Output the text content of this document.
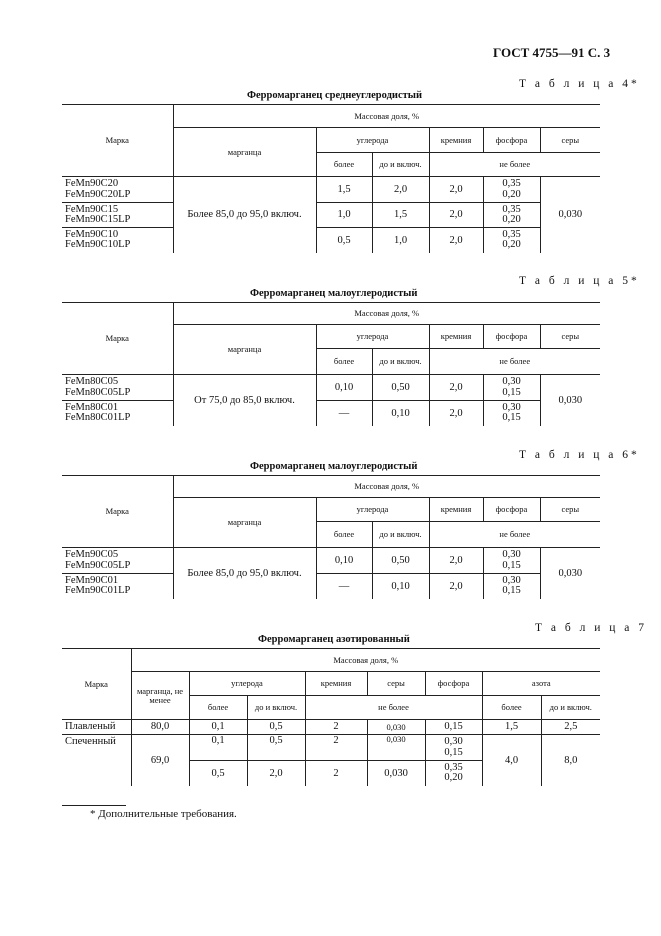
ГОСТ 4755—91 С. 3
Т а б л и ц а 4*
Ферромарганец среднеуглеродистый
Марка	Массовая доля, %					
	марганца	углерода		кремния	фосфора	серы
		более	до и включ.	не более		

FeMn90C20
FeMn90C20LP	Более 85,0 до 95,0 включ.	1,5	2,0	2,0	0,35
0,20	0,030

FeMn90C15
FeMn90C15LP		1,0	1,5	2,0	0,35
0,20	

FeMn90C10
FeMn90C10LP		0,5	1,0	2,0	0,35
0,20	
Т а б л и ц а 5*
Ферромарганец малоуглеродистый
Марка	Массовая доля, %					
	марганца	углерода		кремния	фосфора	серы
		более	до и включ.	не более		

FeMn80C05
FeMn80C05LP	От 75,0 до 85,0 включ.	0,10	0,50	2,0	0,30
0,15	0,030

FeMn80C01
FeMn80C01LP		—	0,10	2,0	0,30
0,15	
Т а б л и ц а 6*
Ферромарганец малоуглеродистый
Марка	Массовая доля, %					
	марганца	углерода		кремния	фосфора	серы
		более	до и включ.	не более		

FeMn90C05
FeMn90C05LP	Более 85,0 до 95,0 включ.	0,10	0,50	2,0	0,30
0,15	0,030

FeMn90C01
FeMn90C01LP		—	0,10	2,0	0,30
0,15	
Т а б л и ц а 7
Ферромарганец азотированный
Марка	Массовая доля, %							
	марганца, не менее	углерода		кремния	серы	фосфора	азота	
		более	до и включ.	не более			более	до и включ.
Плавленый	80,0	0,1	0,5	2	0,030	0,15	1,5	2,5
Спеченный	69,0	0,1	0,5	2	0,030	0,30
0,15	4,0	8,0
		0,5	2,0	2	0,030	0,35
0,20		
* Дополнительные требования.
